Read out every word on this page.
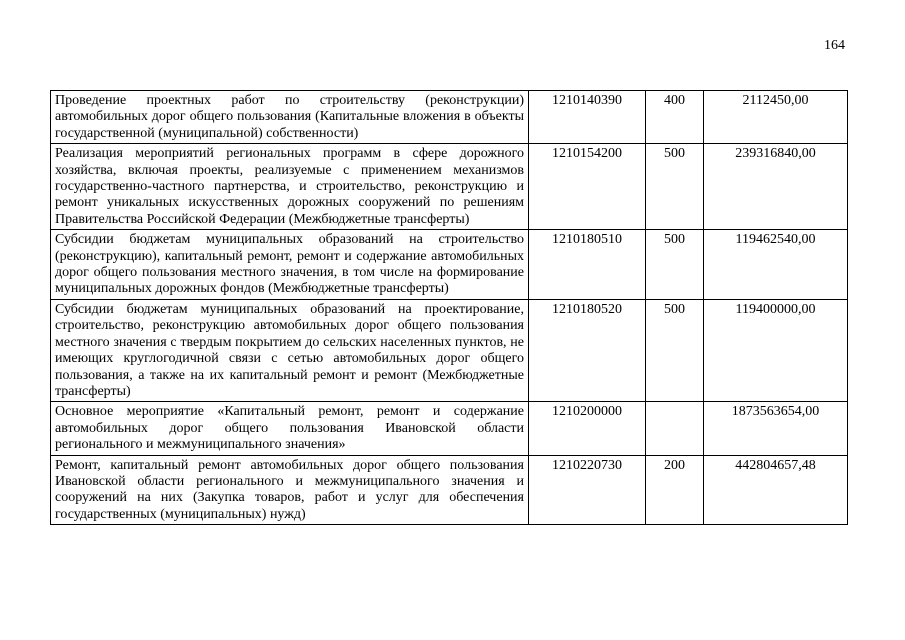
164
Проведение проектных работ по строительству (реконструкции) автомобильных дорог общего пользования (Капитальные вложения в объекты государственной (муниципальной) собственности)	1210140390	400	2112450,00
Реализация мероприятий региональных программ в сфере дорожного хозяйства, включая проекты, реализуемые с применением механизмов государственно-частного партнерства, и строительство, реконструкцию и ремонт уникальных искусственных дорожных сооружений по решениям Правительства Российской Федерации (Межбюджетные трансферты)	1210154200	500	239316840,00
Субсидии бюджетам муниципальных образований на строительство (реконструкцию), капитальный ремонт, ремонт и содержание автомобильных дорог общего пользования местного значения, в том числе на формирование муниципальных дорожных фондов (Межбюджетные трансферты)	1210180510	500	119462540,00
Субсидии бюджетам муниципальных образований на проектирование, строительство, реконструкцию автомобильных дорог общего пользования местного значения с твердым покрытием до сельских населенных пунктов, не имеющих круглогодичной связи с сетью автомобильных дорог общего пользования, а также на их капитальный ремонт и ремонт (Межбюджетные трансферты)	1210180520	500	119400000,00
Основное мероприятие «Капитальный ремонт, ремонт и содержание автомобильных дорог общего пользования Ивановской области регионального и межмуниципального значения»	1210200000		1873563654,00
Ремонт, капитальный ремонт автомобильных дорог общего пользования Ивановской области регионального и межмуниципального значения и сооружений на них (Закупка товаров, работ и услуг для обеспечения государственных (муниципальных) нужд)	1210220730	200	442804657,48
